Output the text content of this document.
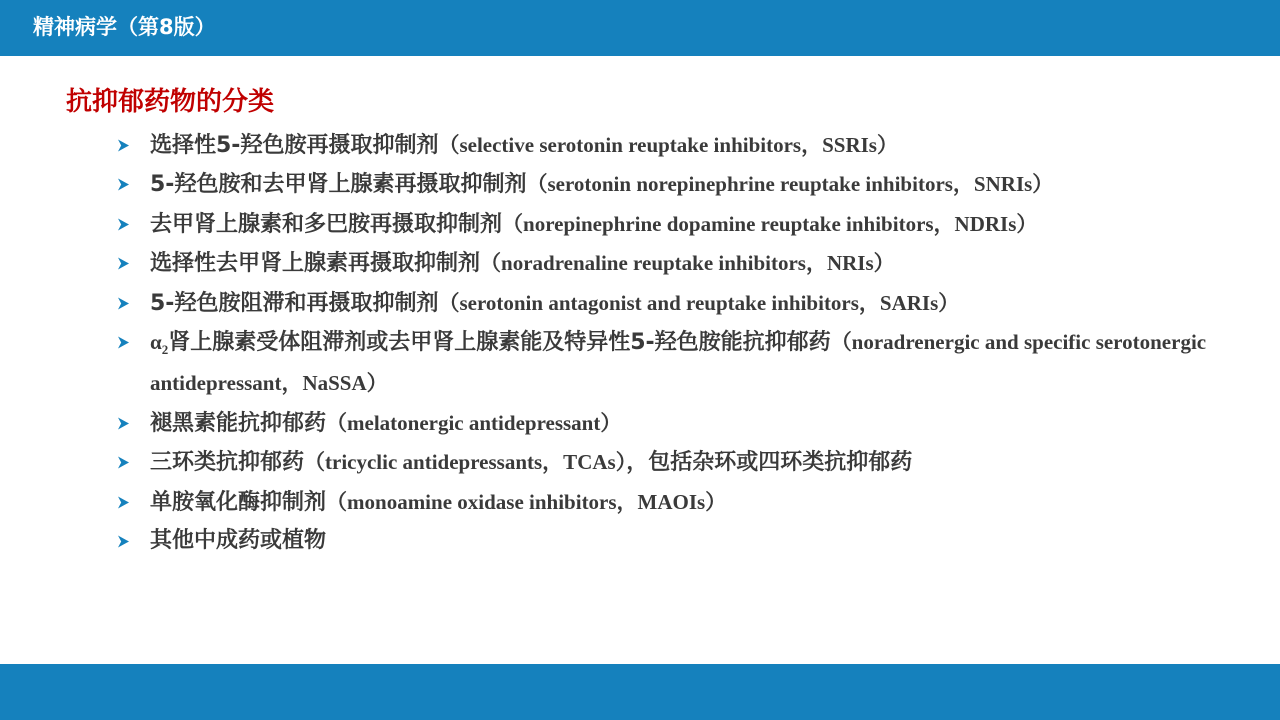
精神病学（第8版）
抗抑郁药物的分类
选择性5-羟色胺再摄取抑制剂（selective serotonin reuptake inhibitors，SSRIs）
5-羟色胺和去甲肾上腺素再摄取抑制剂（serotonin norepinephrine reuptake inhibitors，SNRIs）
去甲肾上腺素和多巴胺再摄取抑制剂（norepinephrine dopamine reuptake inhibitors，NDRIs）
选择性去甲肾上腺素再摄取抑制剂（noradrenaline reuptake inhibitors，NRIs）
5-羟色胺阻滞和再摄取抑制剂（serotonin antagonist and reuptake inhibitors，SARIs）
$\alpha_2$肾上腺素受体阻滞剂或去甲肾上腺素能及特异性5-羟色胺能抗抑郁药（noradrenergic and specific serotonergic antidepressant，NaSSA）
褪黑素能抗抑郁药（melatonergic antidepressant）
三环类抗抑郁药（tricyclic antidepressants，TCAs），包括杂环或四环类抗抑郁药
单胺氧化酶抑制剂（monoamine oxidase inhibitors，MAOIs）
其他中成药或植物
